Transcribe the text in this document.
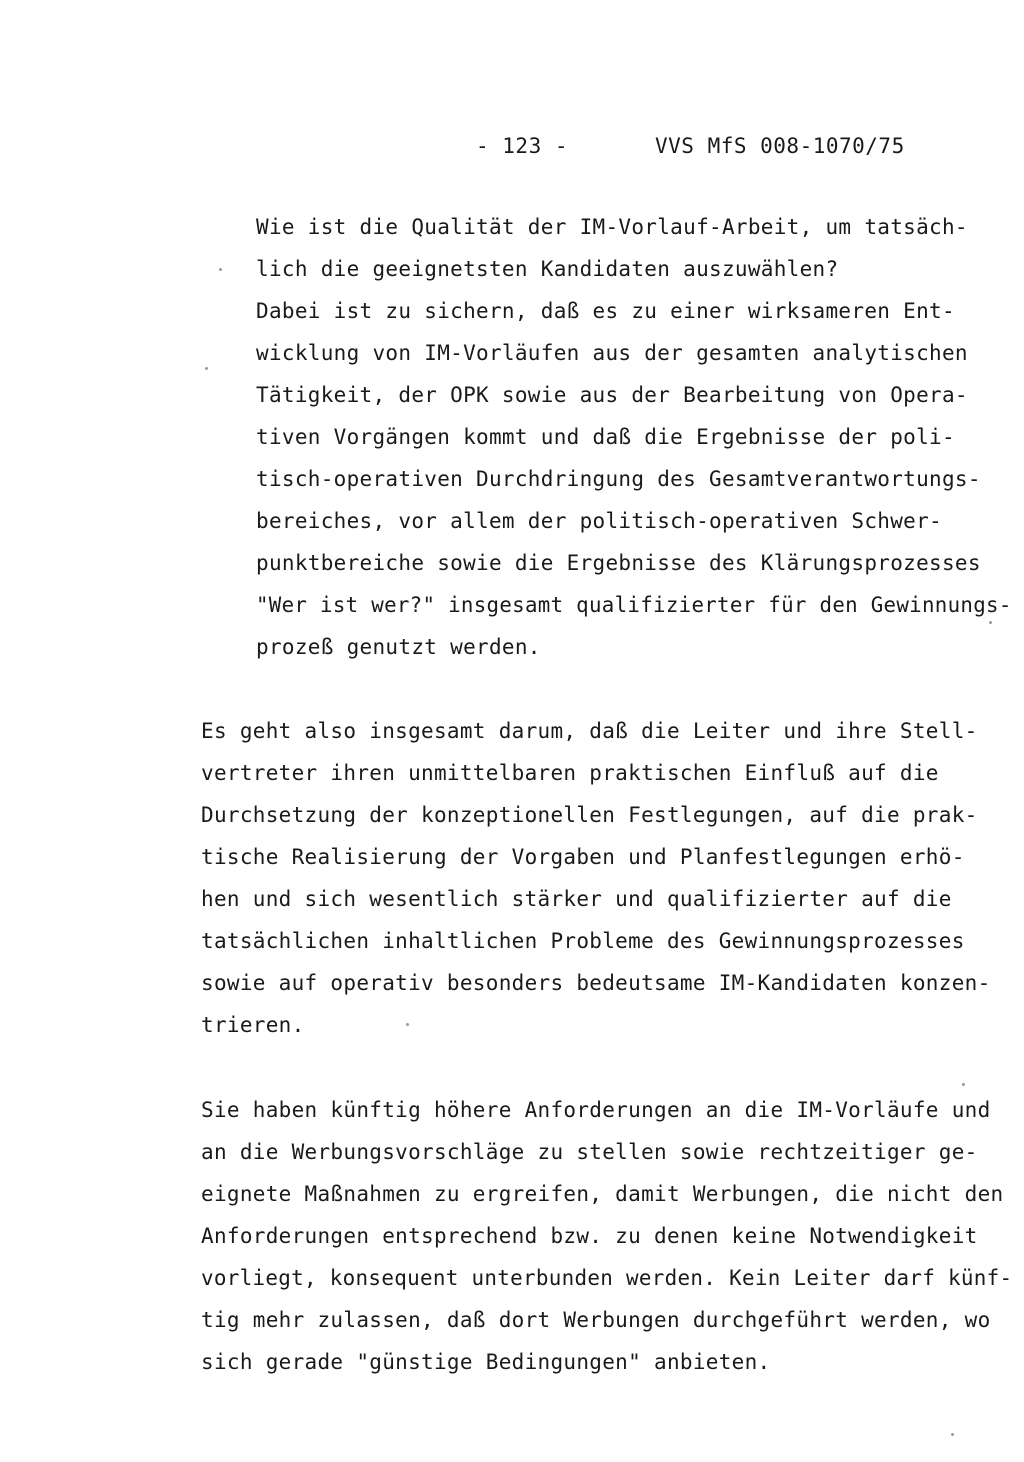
- 123 -	VVS MfS 008-1070/75
Wie ist die Qualität der IM-Vorlauf-Arbeit, um tatsäch-
lich die geeignetsten Kandidaten auszuwählen?
Dabei ist zu sichern, daß es zu einer wirksameren Ent-
wicklung von IM-Vorläufen aus der gesamten analytischen
Tätigkeit, der OPK sowie aus der Bearbeitung von Opera-
tiven Vorgängen kommt und daß die Ergebnisse der poli-
tisch-operativen Durchdringung des Gesamtverantwortungs-
bereiches, vor allem der politisch-operativen Schwer-
punktbereiche sowie die Ergebnisse des Klärungsprozesses
"Wer ist wer?" insgesamt qualifizierter für den Gewinnungs-
prozeß genutzt werden.
Es geht also insgesamt darum, daß die Leiter und ihre Stell-
vertreter ihren unmittelbaren praktischen Einfluß auf die
Durchsetzung der konzeptionellen Festlegungen, auf die prak-
tische Realisierung der Vorgaben und Planfestlegungen erhö-
hen und sich wesentlich stärker und qualifizierter auf die
tatsächlichen inhaltlichen Probleme des Gewinnungsprozesses
sowie auf operativ besonders bedeutsame IM-Kandidaten konzen-
trieren.
Sie haben künftig höhere Anforderungen an die IM-Vorläufe und
an die Werbungsvorschläge zu stellen sowie rechtzeitiger ge-
eignete Maßnahmen zu ergreifen, damit Werbungen, die nicht den
Anforderungen entsprechend bzw. zu denen keine Notwendigkeit
vorliegt, konsequent unterbunden werden. Kein Leiter darf künf-
tig mehr zulassen, daß dort Werbungen durchgeführt werden, wo
sich gerade "günstige Bedingungen" anbieten.
